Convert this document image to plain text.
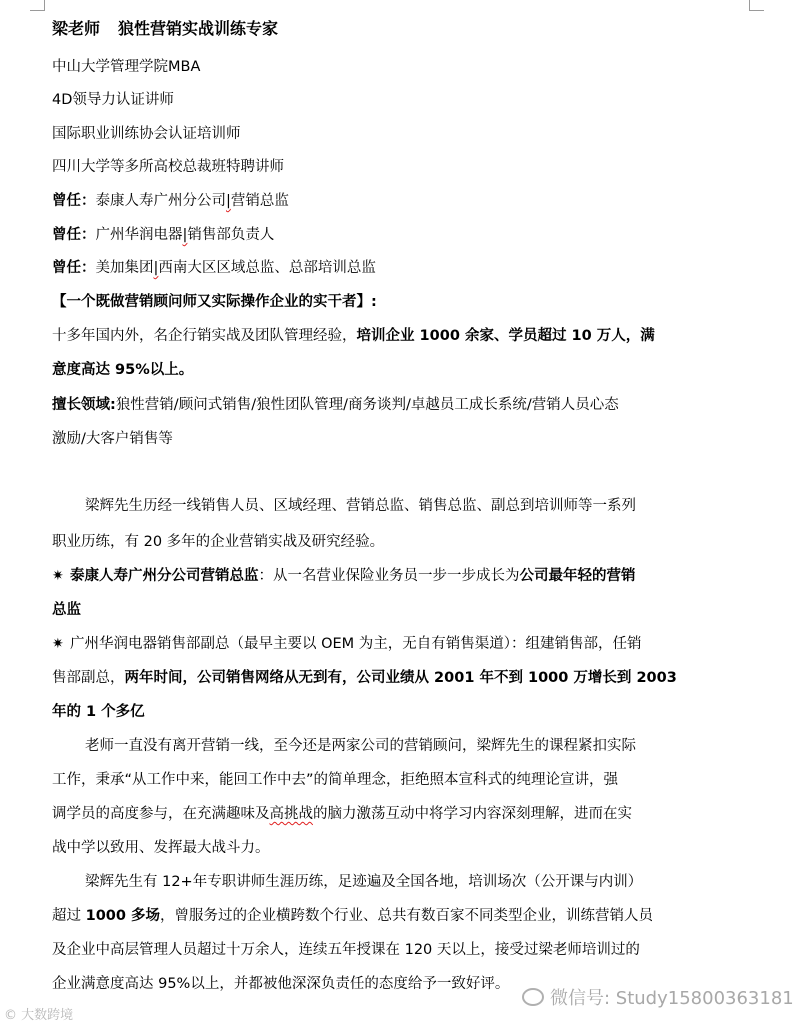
梁老师 狼性营销实战训练专家
中山大学管理学院MBA
4D领导力认证讲师
国际职业训练协会认证培训师
四川大学等多所高校总裁班特聘讲师
曾任：泰康人寿广州分公司|营销总监
曾任：广州华润电器|销售部负责人
曾任：美加集团|西南大区区域总监、总部培训总监
【一个既做营销顾问师又实际操作企业的实干者】:
十多年国内外，名企行销实战及团队管理经验，培训企业 1000 余家、学员超过 10 万人，满
意度高达 95%以上。
擅长领域:狼性营销/顾问式销售/狼性团队管理/商务谈判/卓越员工成长系统/营销人员心态
激励/大客户销售等
梁辉先生历经一线销售人员、区域经理、营销总监、销售总监、副总到培训师等一系列
职业历练，有 20 多年的企业营销实战及研究经验。
✷ 泰康人寿广州分公司营销总监：从一名营业保险业务员一步一步成长为公司最年轻的营销
总监
✷ 广州华润电器销售部副总（最早主要以 OEM 为主，无自有销售渠道）：组建销售部，任销
售部副总，两年时间，公司销售网络从无到有，公司业绩从 2001 年不到 1000 万增长到 2003
年的 1 个多亿
老师一直没有离开营销一线，至今还是两家公司的营销顾问，梁辉先生的课程紧扣实际
工作，秉承“从工作中来，能回工作中去”的简单理念，拒绝照本宣科式的纯理论宣讲，强
调学员的高度参与，在充满趣味及高挑战的脑力激荡互动中将学习内容深刻理解，进而在实
战中学以致用、发挥最大战斗力。
梁辉先生有 12+年专职讲师生涯历练，足迹遍及全国各地，培训场次（公开课与内训）
超过 1000 多场，曾服务过的企业横跨数个行业、总共有数百家不同类型企业，训练营销人员
及企业中高层管理人员超过十万余人，连续五年授课在 120 天以上，接受过梁老师培训过的
企业满意度高达 95%以上，并都被他深深负责任的态度给予一致好评。
© 大数跨境
微信号: Study15800363181
